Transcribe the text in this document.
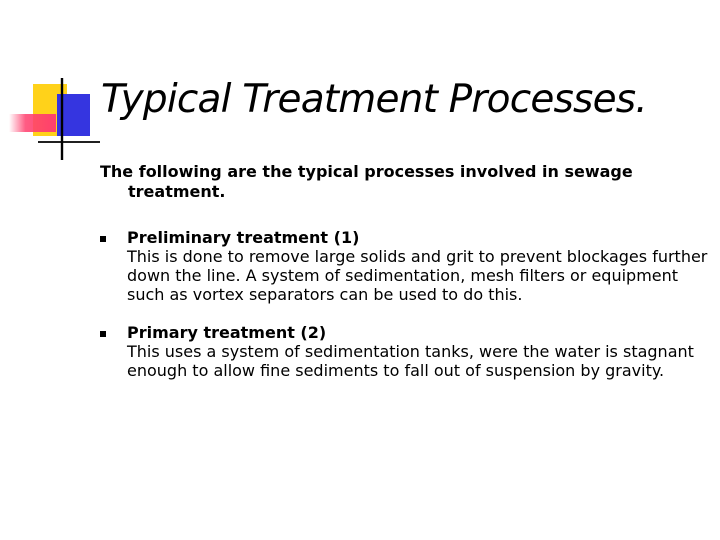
Typical Treatment Processes.

The following are the typical processes involved in sewage treatment.

Preliminary treatment (1)
This is done to remove large solids and grit to prevent blockages further down the line. A system of sedimentation, mesh filters or equipment such as vortex separators can be used to do this.
Primary treatment (2)
This uses a system of sedimentation tanks, were the water is stagnant enough to allow fine sediments to fall out of suspension by gravity.
